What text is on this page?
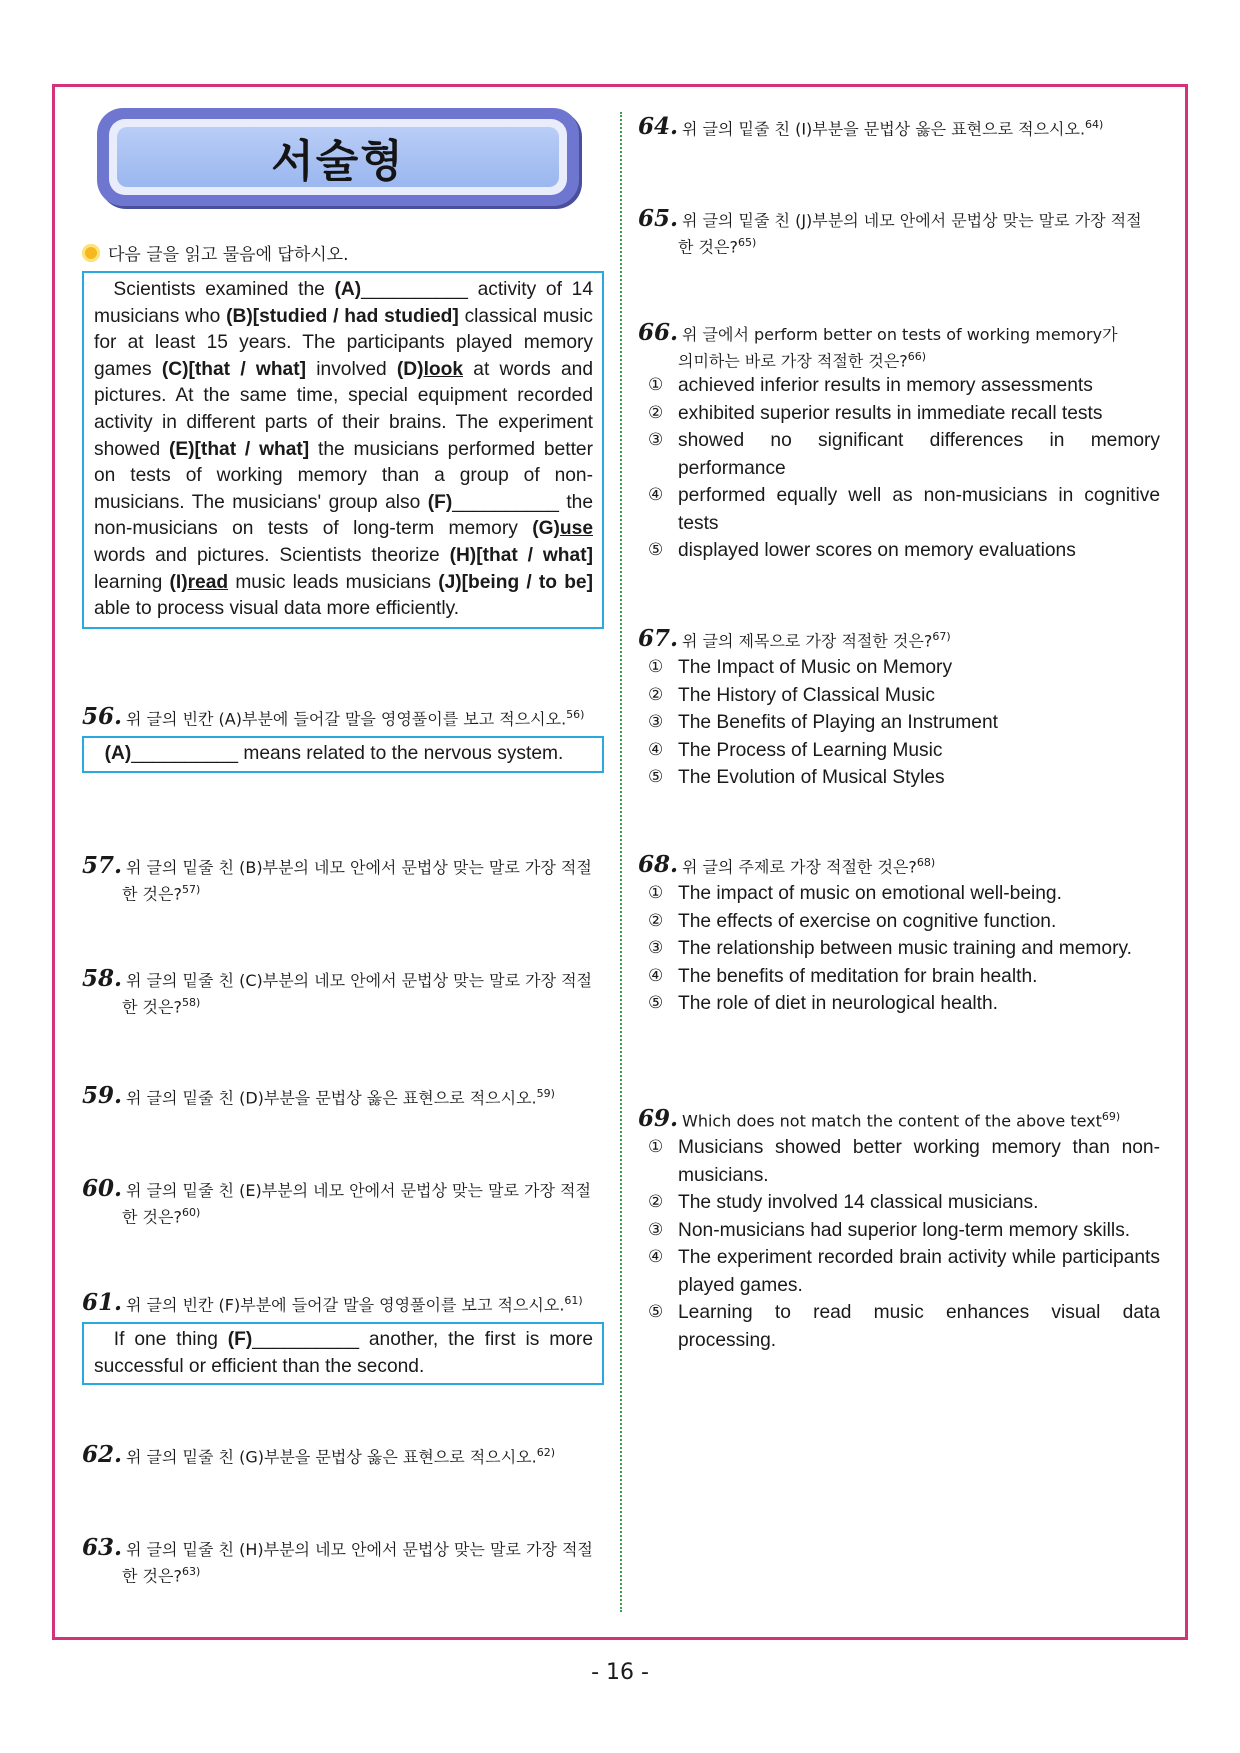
서술형
다음 글을 읽고 물음에 답하시오.
Scientists examined the (A)__________ activity of 14 musicians who (B)[studied / had studied] classical music for at least 15 years. The participants played memory games (C)[that / what] involved (D)look at words and pictures. At the same time, special equipment recorded activity in different parts of their brains. The experiment showed (E)[that / what] the musicians performed better on tests of working memory than a group of non-musicians. The musicians' group also (F)__________ the non-musicians on tests of long-term memory (G)use words and pictures. Scientists theorize (H)[that / what] learning (I)read music leads musicians (J)[being / to be] able to process visual data more efficiently.
56. 위 글의 빈칸 (A)부분에 들어갈 말을 영영풀이를 보고 적으시오.$^{56)}$
(A)__________ means related to the nervous system.
57. 위 글의 밑줄 친 (B)부분의 네모 안에서 문법상 맞는 말로 가장 적절
한 것은?$^{57)}$
58. 위 글의 밑줄 친 (C)부분의 네모 안에서 문법상 맞는 말로 가장 적절
한 것은?$^{58)}$
59. 위 글의 밑줄 친 (D)부분을 문법상 옳은 표현으로 적으시오.$^{59)}$
60. 위 글의 밑줄 친 (E)부분의 네모 안에서 문법상 맞는 말로 가장 적절
한 것은?$^{60)}$
61. 위 글의 빈칸 (F)부분에 들어갈 말을 영영풀이를 보고 적으시오.$^{61)}$
If one thing (F)__________ another, the first is more successful or efficient than the second.
62. 위 글의 밑줄 친 (G)부분을 문법상 옳은 표현으로 적으시오.$^{62)}$
63. 위 글의 밑줄 친 (H)부분의 네모 안에서 문법상 맞는 말로 가장 적절
한 것은?$^{63)}$
64. 위 글의 밑줄 친 (I)부분을 문법상 옳은 표현으로 적으시오.$^{64)}$
65. 위 글의 밑줄 친 (J)부분의 네모 안에서 문법상 맞는 말로 가장 적절
한 것은?$^{65)}$
66. 위 글에서 perform better on tests of working memory가
의미하는 바로 가장 적절한 것은?$^{66)}$
① achieved inferior results in memory assessments
② exhibited superior results in immediate recall tests
③ showed no significant differences in memory performance
④ performed equally well as non-musicians in cognitive tests
⑤ displayed lower scores on memory evaluations
67. 위 글의 제목으로 가장 적절한 것은?$^{67)}$
① The Impact of Music on Memory
② The History of Classical Music
③ The Benefits of Playing an Instrument
④ The Process of Learning Music
⑤ The Evolution of Musical Styles
68. 위 글의 주제로 가장 적절한 것은?$^{68)}$
① The impact of music on emotional well-being.
② The effects of exercise on cognitive function.
③ The relationship between music training and memory.
④ The benefits of meditation for brain health.
⑤ The role of diet in neurological health.
69. Which does not match the content of the above text$^{69)}$
① Musicians showed better working memory than non-musicians.
② The study involved 14 classical musicians.
③ Non-musicians had superior long-term memory skills.
④ The experiment recorded brain activity while participants played games.
⑤ Learning to read music enhances visual data processing.
- 16 -
